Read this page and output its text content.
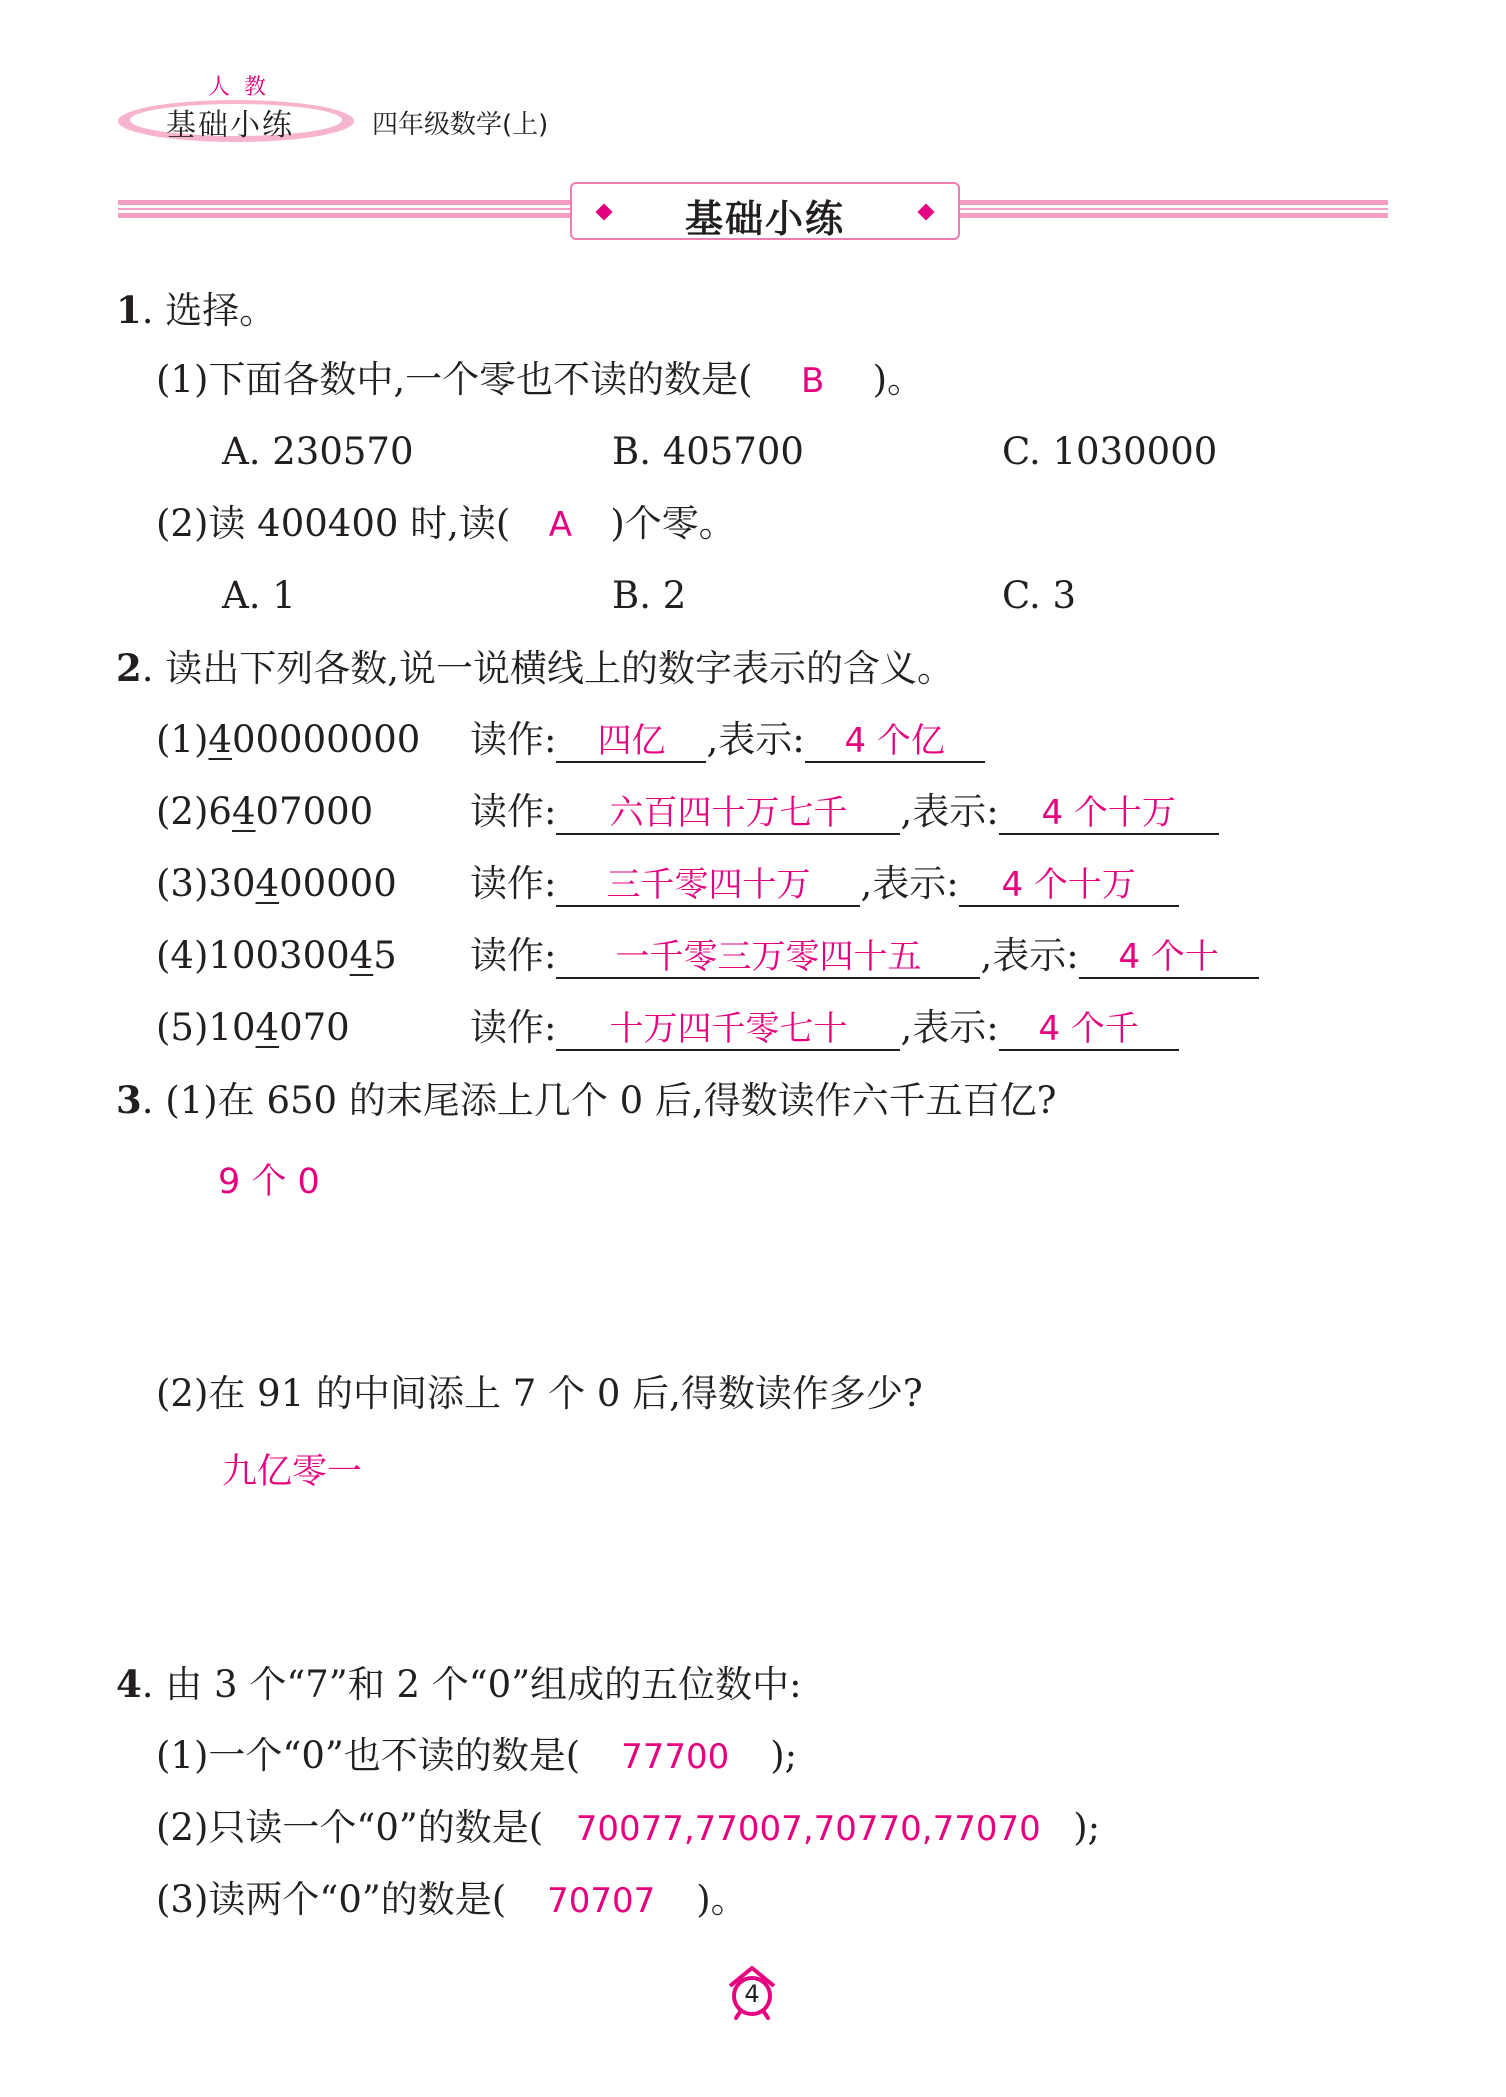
人教
基础小练	四年级数学(上)
基础小练
1. 选择。
(1)下面各数中,一个零也不读的数是( B )。
A. 230570	B. 405700	C. 1030000
(2)读 400400 时,读( A )个零。
A. 1	B. 2	C. 3
2. 读出下列各数,说一说横线上的数字表示的含义。
(1)400000000 读作: 四亿 ,表示: 4 个亿
(2)6407000	读作: 六百四十万七千 ,表示: 4 个十万
(3)30400000 读作: 三千零四十万 ,表示: 4 个十万
(4)10030045 读作: 一千零三万零四十五 ,表示: 4 个十
(5)104070	读作: 十万四千零七十 ,表示: 4 个千
3. (1)在 650 的末尾添上几个 0 后,得数读作六千五百亿?
9 个 0
(2)在 91 的中间添上 7 个 0 后,得数读作多少?
九亿零一
4. 由 3 个“7”和 2 个“0”组成的五位数中:
(1)一个“0”也不读的数是( 77700 );
(2)只读一个“0”的数是( 70077,77007,70770,77070 );
(3)读两个“0”的数是( 70707 )。
4
